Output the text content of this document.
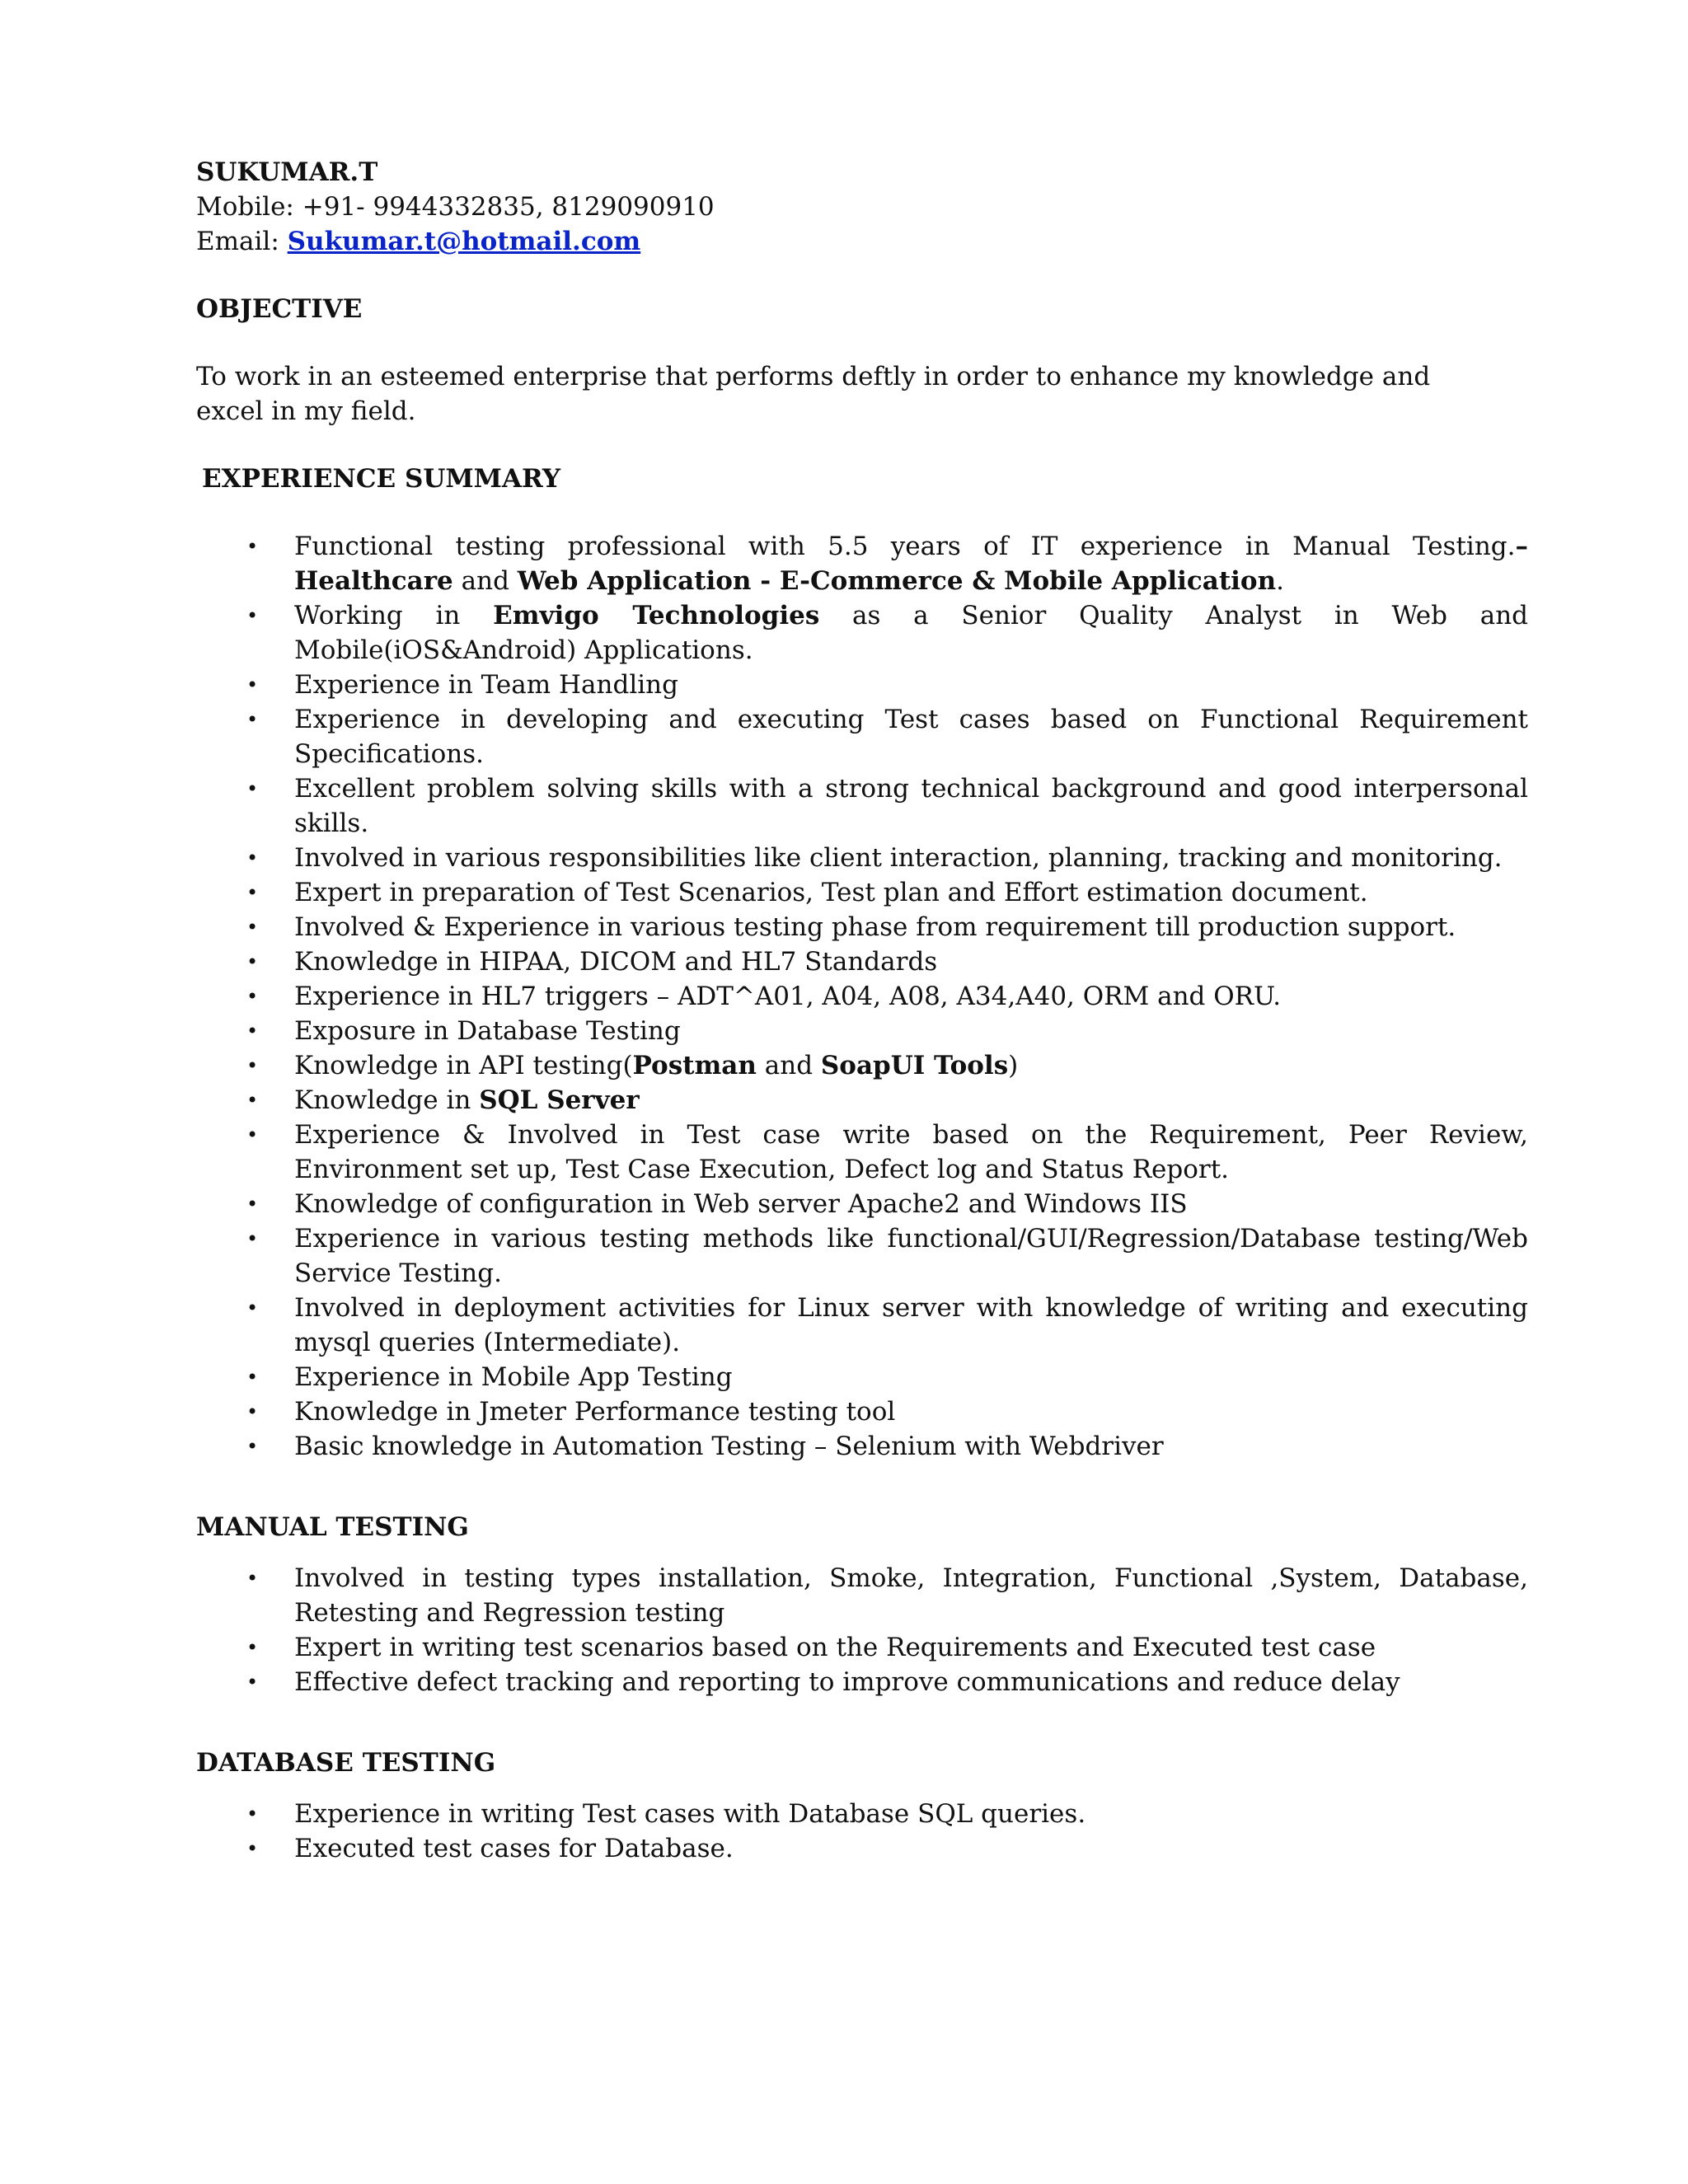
SUKUMAR.T
Mobile: +91- 9944332835, 8129090910
Email: Sukumar.t@hotmail.com
OBJECTIVE
To work in an esteemed enterprise that performs deftly in order to enhance my knowledge and excel in my field.
EXPERIENCE SUMMARY
• Functional testing professional with 5.5 years of IT experience in Manual Testing.– Healthcare and Web Application - E-Commerce & Mobile Application.
• Working in Emvigo Technologies as a Senior Quality Analyst in Web and Mobile(iOS&Android) Applications.
• Experience in Team Handling
• Experience in developing and executing Test cases based on Functional Requirement Specifications.
• Excellent problem solving skills with a strong technical background and good interpersonal skills.
• Involved in various responsibilities like client interaction, planning, tracking and monitoring.
• Expert in preparation of Test Scenarios, Test plan and Effort estimation document.
• Involved & Experience in various testing phase from requirement till production support.
• Knowledge in HIPAA, DICOM and HL7 Standards
• Experience in HL7 triggers – ADT^A01, A04, A08, A34,A40, ORM and ORU.
• Exposure in Database Testing
• Knowledge in API testing(Postman and SoapUI Tools)
• Knowledge in SQL Server
• Experience & Involved in Test case write based on the Requirement, Peer Review, Environment set up, Test Case Execution, Defect log and Status Report.
• Knowledge of configuration in Web server Apache2 and Windows IIS
• Experience in various testing methods like functional/GUI/Regression/Database testing/Web Service Testing.
• Involved in deployment activities for Linux server with knowledge of writing and executing mysql queries (Intermediate).
• Experience in Mobile App Testing
• Knowledge in Jmeter Performance testing tool
• Basic knowledge in Automation Testing – Selenium with Webdriver
MANUAL TESTING
• Involved in testing types installation, Smoke, Integration, Functional ,System, Database, Retesting and Regression testing
• Expert in writing test scenarios based on the Requirements and Executed test case
• Effective defect tracking and reporting to improve communications and reduce delay
DATABASE TESTING
• Experience in writing Test cases with Database SQL queries.
• Executed test cases for Database.
